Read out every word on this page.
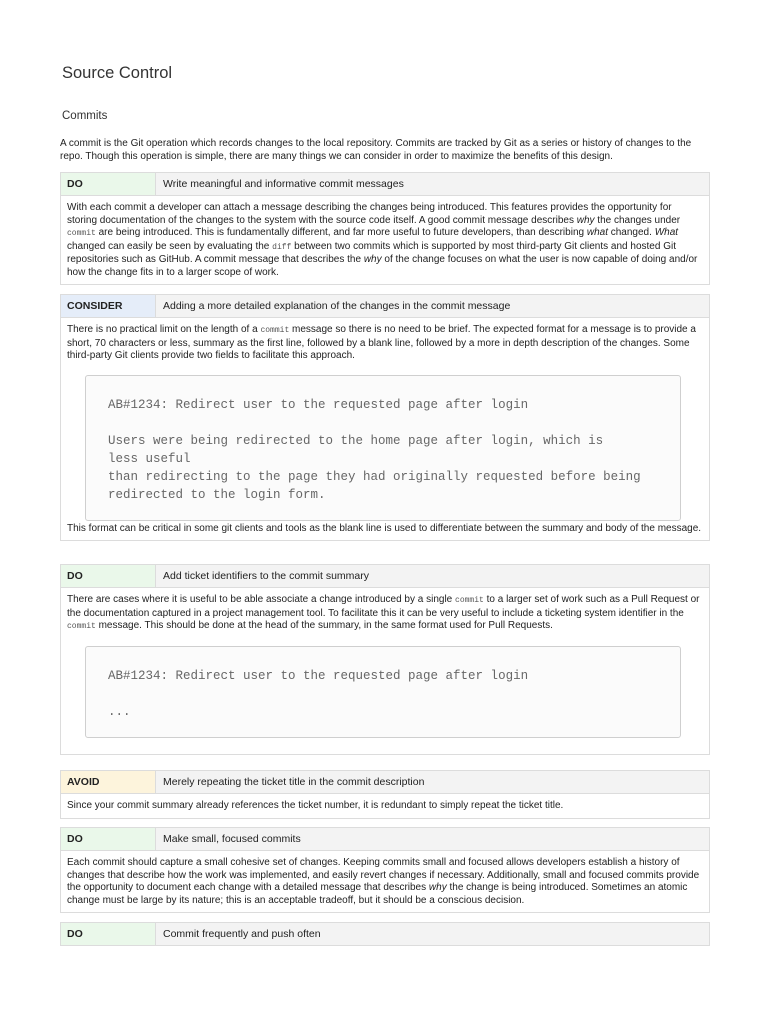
Source Control
Commits
A commit is the Git operation which records changes to the local repository. Commits are tracked by Git as a series or history of changes to the repo. Though this operation is simple, there are many things we can consider in order to maximize the benefits of this design.
DO	Write meaningful and informative commit messages
With each commit a developer can attach a message describing the changes being introduced. This features provides the opportunity for storing documentation of the changes to the system with the source code itself. A good commit message describes why the changes under commit are being introduced. This is fundamentally different, and far more useful to future developers, than describing what changed. What changed can easily be seen by evaluating the diff between two commits which is supported by most third-party Git clients and hosted Git repositories such as GitHub. A commit message that describes the why of the change focuses on what the user is now capable of doing and/or how the change fits in to a larger scope of work.
CONSIDER	Adding a more detailed explanation of the changes in the commit message

There is no practical limit on the length of a commit message so there is no need to be brief. The expected format for a message is to provide a short, 70 characters or less, summary as the first line, followed by a blank line, followed by a more in depth description of the changes. Some third-party Git clients provide two fields to facilitate this approach.

AB#1234: Redirect user to the requested page after login

Users were being redirected to the home page after login, which is
less useful
than redirecting to the page they had originally requested before being
redirected to the login form.

This format can be critical in some git clients and tools as the blank line is used to differentiate between the summary and body of the message.

DO	Add ticket identifiers to the commit summary

There are cases where it is useful to be able associate a change introduced by a single commit to a larger set of work such as a Pull Request or the documentation captured in a project management tool. To facilitate this it can be very useful to include a ticketing system identifier in the commit message. This should be done at the head of the summary, in the same format used for Pull Requests.

AB#1234: Redirect user to the requested page after login

...
AVOID	Merely repeating the ticket title in the commit description
Since your commit summary already references the ticket number, it is redundant to simply repeat the ticket title.
DO	Make small, focused commits
Each commit should capture a small cohesive set of changes. Keeping commits small and focused allows developers establish a history of changes that describe how the work was implemented, and easily revert changes if necessary. Additionally, small and focused commits provide the opportunity to document each change with a detailed message that describes why the change is being introduced. Sometimes an atomic change must be large by its nature; this is an acceptable tradeoff, but it should be a conscious decision.
DO	Commit frequently and push often
